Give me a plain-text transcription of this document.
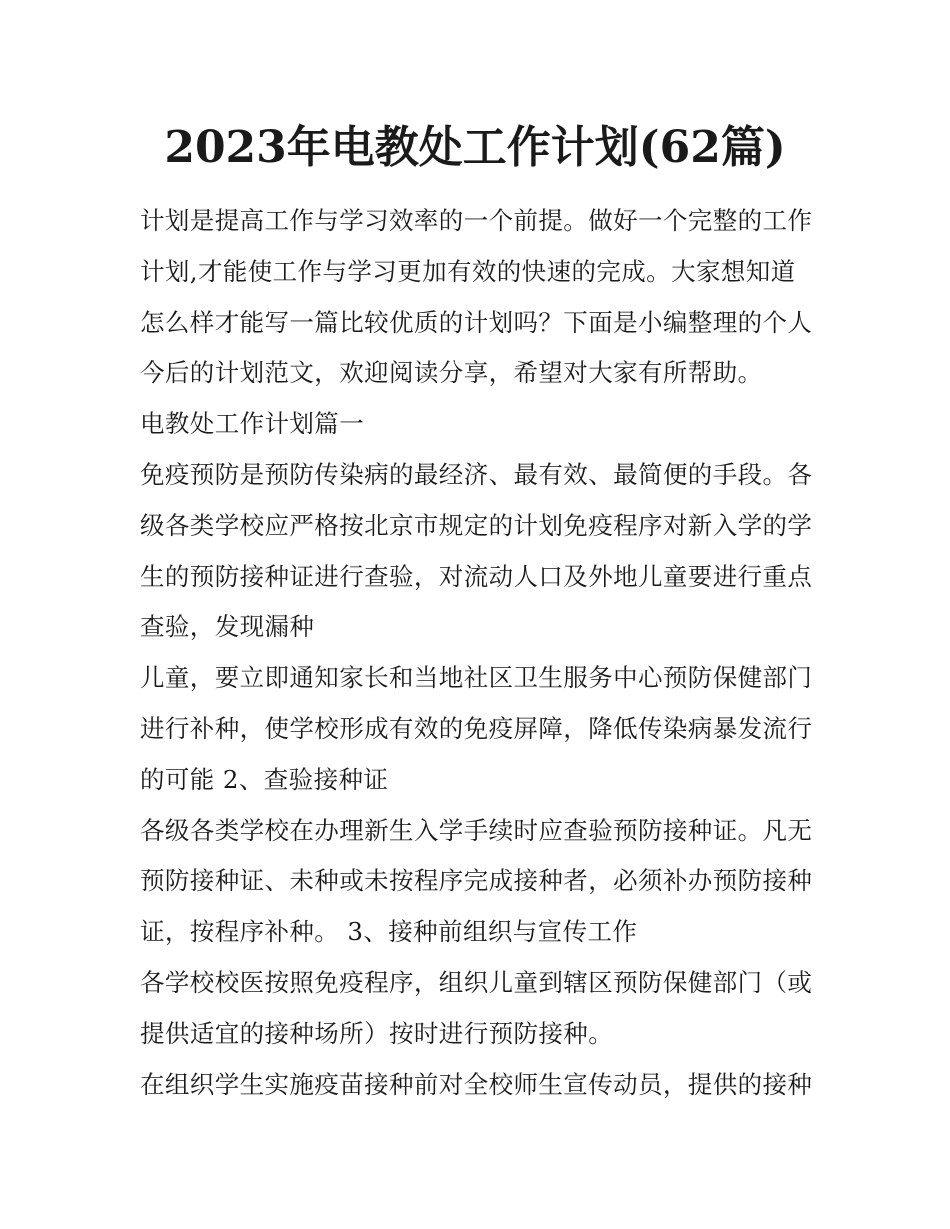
2023年电教处工作计划(62篇)
计划是提高工作与学习效率的一个前提。做好一个完整的工作
计划,才能使工作与学习更加有效的快速的完成。大家想知道
怎么样才能写一篇比较优质的计划吗？下面是小编整理的个人
今后的计划范文，欢迎阅读分享，希望对大家有所帮助。
电教处工作计划篇一
免疫预防是预防传染病的最经济、最有效、最简便的手段。各
级各类学校应严格按北京市规定的计划免疫程序对新入学的学
生的预防接种证进行查验，对流动人口及外地儿童要进行重点
查验，发现漏种
儿童，要立即通知家长和当地社区卫生服务中心预防保健部门
进行补种，使学校形成有效的免疫屏障，降低传染病暴发流行
的可能 2、查验接种证
各级各类学校在办理新生入学手续时应查验预防接种证。凡无
预防接种证、未种或未按程序完成接种者，必须补办预防接种
证，按程序补种。 3、接种前组织与宣传工作
各学校校医按照免疫程序，组织儿童到辖区预防保健部门（或
提供适宜的接种场所）按时进行预防接种。
在组织学生实施疫苗接种前对全校师生宣传动员，提供的接种
